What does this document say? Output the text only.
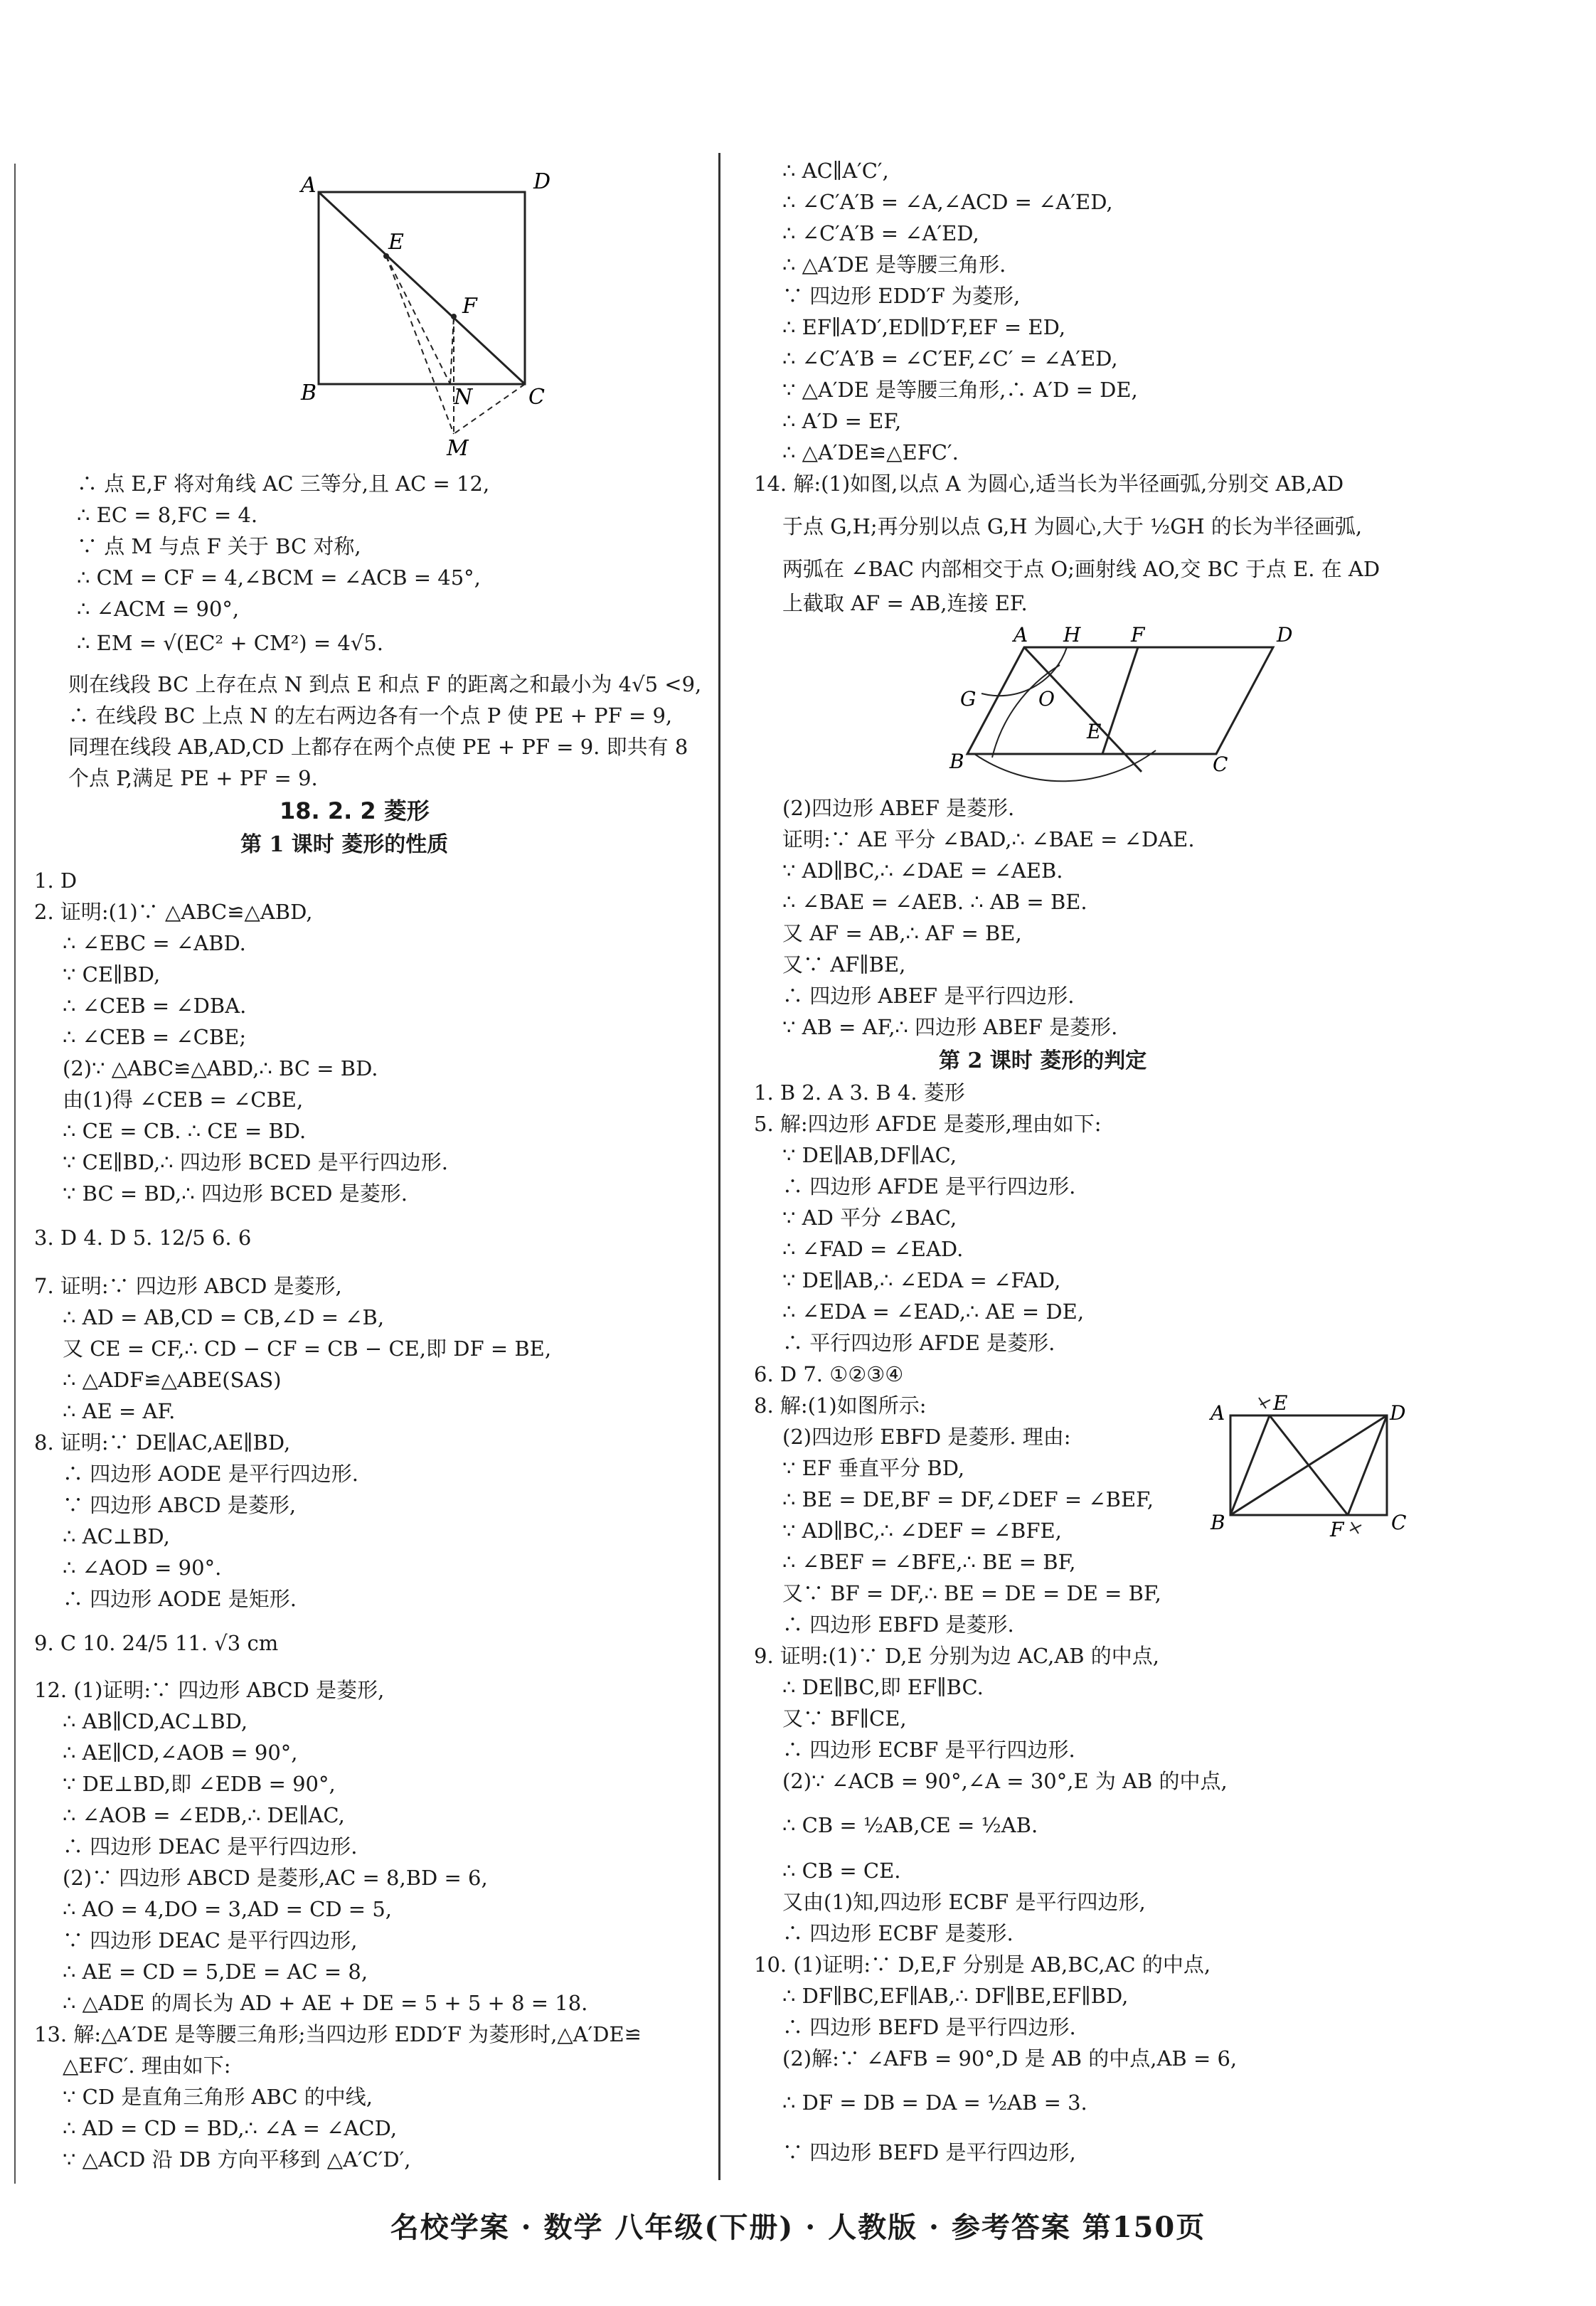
A	D
E
F
B	N	C
M
∴ 点 E,F 将对角线 AC 三等分,且 AC = 12,
∴ EC = 8,FC = 4.
∵ 点 M 与点 F 关于 BC 对称,
∴ CM = CF = 4,∠BCM = ∠ACB = 45°,
∴ ∠ACM = 90°,
∴ EM = √(EC² + CM²) = 4√5.
则在线段 BC 上存在点 N 到点 E 和点 F 的距离之和最小为 4√5 <9,
∴ 在线段 BC 上点 N 的左右两边各有一个点 P 使 PE + PF = 9,
同理在线段 AB,AD,CD 上都存在两个点使 PE + PF = 9. 即共有 8
个点 P,满足 PE + PF = 9.
18. 2. 2 菱形
第 1 课时 菱形的性质
1. D
2. 证明:(1)∵ △ABC≌△ABD,
∴ ∠EBC = ∠ABD.
∵ CE∥BD,
∴ ∠CEB = ∠DBA.
∴ ∠CEB = ∠CBE;
(2)∵ △ABC≌△ABD,∴ BC = BD.
由(1)得 ∠CEB = ∠CBE,
∴ CE = CB. ∴ CE = BD.
∵ CE∥BD,∴ 四边形 BCED 是平行四边形.
∵ BC = BD,∴ 四边形 BCED 是菱形.
3. D 4. D 5. 12/5 6. 6
7. 证明:∵ 四边形 ABCD 是菱形,
∴ AD = AB,CD = CB,∠D = ∠B,
又 CE = CF,∴ CD − CF = CB − CE,即 DF = BE,
∴ △ADF≌△ABE(SAS)
∴ AE = AF.
8. 证明:∵ DE∥AC,AE∥BD,
∴ 四边形 AODE 是平行四边形.
∵ 四边形 ABCD 是菱形,
∴ AC⊥BD,
∴ ∠AOD = 90°.
∴ 四边形 AODE 是矩形.
9. C 10. 24/5 11. √3 cm
12. (1)证明:∵ 四边形 ABCD 是菱形,
∴ AB∥CD,AC⊥BD,
∴ AE∥CD,∠AOB = 90°,
∵ DE⊥BD,即 ∠EDB = 90°,
∴ ∠AOB = ∠EDB,∴ DE∥AC,
∴ 四边形 DEAC 是平行四边形.
(2)∵ 四边形 ABCD 是菱形,AC = 8,BD = 6,
∴ AO = 4,DO = 3,AD = CD = 5,
∵ 四边形 DEAC 是平行四边形,
∴ AE = CD = 5,DE = AC = 8,
∴ △ADE 的周长为 AD + AE + DE = 5 + 5 + 8 = 18.
13. 解:△A′DE 是等腰三角形;当四边形 EDD′F 为菱形时,△A′DE≌
△EFC′. 理由如下:
∵ CD 是直角三角形 ABC 的中线,
∴ AD = CD = BD,∴ ∠A = ∠ACD,
∵ △ACD 沿 DB 方向平移到 △A′C′D′,
∴ AC∥A′C′,
∴ ∠C′A′B = ∠A,∠ACD = ∠A′ED,
∴ ∠C′A′B = ∠A′ED,
∴ △A′DE 是等腰三角形.
∵ 四边形 EDD′F 为菱形,
∴ EF∥A′D′,ED∥D′F,EF = ED,
∴ ∠C′A′B = ∠C′EF,∠C′ = ∠A′ED,
∵ △A′DE 是等腰三角形,∴ A′D = DE,
∴ A′D = EF,
∴ △A′DE≌△EFC′.
14. 解:(1)如图,以点 A 为圆心,适当长为半径画弧,分别交 AB,AD
于点 G,H;再分别以点 G,H 为圆心,大于 ½GH 的长为半径画弧,
两弧在 ∠BAC 内部相交于点 O;画射线 AO,交 BC 于点 E. 在 AD
上截取 AF = AB,连接 EF.
A H	F	D
G	O
E
B	C
(2)四边形 ABEF 是菱形.
证明:∵ AE 平分 ∠BAD,∴ ∠BAE = ∠DAE.
∵ AD∥BC,∴ ∠DAE = ∠AEB.
∴ ∠BAE = ∠AEB. ∴ AB = BE.
又 AF = AB,∴ AF = BE,
又∵ AF∥BE,
∴ 四边形 ABEF 是平行四边形.
∵ AB = AF,∴ 四边形 ABEF 是菱形.
第 2 课时 菱形的判定
A E	D
B	F C
1. B 2. A 3. B 4. 菱形
5. 解:四边形 AFDE 是菱形,理由如下:
∵ DE∥AB,DF∥AC,
∴ 四边形 AFDE 是平行四边形.
∵ AD 平分 ∠BAC,
∴ ∠FAD = ∠EAD.
∵ DE∥AB,∴ ∠EDA = ∠FAD,
∴ ∠EDA = ∠EAD,∴ AE = DE,
∴ 平行四边形 AFDE 是菱形.
6. D 7. ①②③④
8. 解:(1)如图所示:
(2)四边形 EBFD 是菱形. 理由:
∵ EF 垂直平分 BD,
∴ BE = DE,BF = DF,∠DEF = ∠BEF,
∵ AD∥BC,∴ ∠DEF = ∠BFE,
∴ ∠BEF = ∠BFE,∴ BE = BF,
又∵ BF = DF,∴ BE = DE = DE = BF,
∴ 四边形 EBFD 是菱形.
9. 证明:(1)∵ D,E 分别为边 AC,AB 的中点,
∴ DE∥BC,即 EF∥BC.
又∵ BF∥CE,
∴ 四边形 ECBF 是平行四边形.
(2)∵ ∠ACB = 90°,∠A = 30°,E 为 AB 的中点,
∴ CB = ½AB,CE = ½AB.
∴ CB = CE.
又由(1)知,四边形 ECBF 是平行四边形,
∴ 四边形 ECBF 是菱形.
10. (1)证明:∵ D,E,F 分别是 AB,BC,AC 的中点,
∴ DF∥BC,EF∥AB,∴ DF∥BE,EF∥BD,
∴ 四边形 BEFD 是平行四边形.
(2)解:∵ ∠AFB = 90°,D 是 AB 的中点,AB = 6,
∴ DF = DB = DA = ½AB = 3.
∵ 四边形 BEFD 是平行四边形,
名校学案 · 数学 八年级(下册) · 人教版 · 参考答案 第150页
